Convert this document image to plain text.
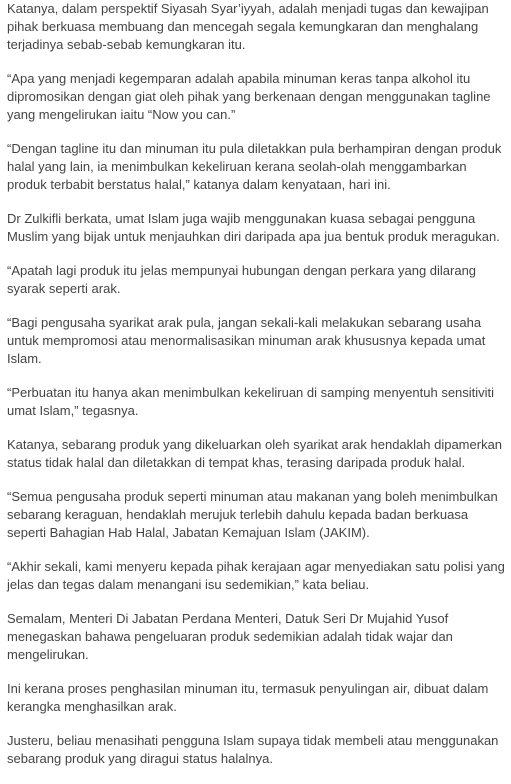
Katanya, dalam perspektif Siyasah Syar’iyyah, adalah menjadi tugas dan kewajipan pihak berkuasa membuang dan mencegah segala kemungkaran dan menghalang terjadinya sebab-sebab kemungkaran itu.

“Apa yang menjadi kegemparan adalah apabila minuman keras tanpa alkohol itu dipromosikan dengan giat oleh pihak yang berkenaan dengan menggunakan tagline yang mengelirukan iaitu “Now you can.”

“Dengan tagline itu dan minuman itu pula diletakkan pula berhampiran dengan produk halal yang lain, ia menimbulkan kekeliruan kerana seolah-olah menggambarkan produk terbabit berstatus halal,” katanya dalam kenyataan, hari ini.

Dr Zulkifli berkata, umat Islam juga wajib menggunakan kuasa sebagai pengguna Muslim yang bijak untuk menjauhkan diri daripada apa jua bentuk produk meragukan.

“Apatah lagi produk itu jelas mempunyai hubungan dengan perkara yang dilarang syarak seperti arak.

“Bagi pengusaha syarikat arak pula, jangan sekali-kali melakukan sebarang usaha untuk mempromosi atau menormalisasikan minuman arak khususnya kepada umat Islam.

“Perbuatan itu hanya akan menimbulkan kekeliruan di samping menyentuh sensitiviti umat Islam,” tegasnya.

Katanya, sebarang produk yang dikeluarkan oleh syarikat arak hendaklah dipamerkan status tidak halal dan diletakkan di tempat khas, terasing daripada produk halal.

“Semua pengusaha produk seperti minuman atau makanan yang boleh menimbulkan sebarang keraguan, hendaklah merujuk terlebih dahulu kepada badan berkuasa seperti Bahagian Hab Halal, Jabatan Kemajuan Islam (JAKIM).

“Akhir sekali, kami menyeru kepada pihak kerajaan agar menyediakan satu polisi yang jelas dan tegas dalam menangani isu sedemikian,” kata beliau.

Semalam, Menteri Di Jabatan Perdana Menteri, Datuk Seri Dr Mujahid Yusof menegaskan bahawa pengeluaran produk sedemikian adalah tidak wajar dan mengelirukan.

Ini kerana proses penghasilan minuman itu, termasuk penyulingan air, dibuat dalam kerangka menghasilkan arak.

Justeru, beliau menasihati pengguna Islam supaya tidak membeli atau menggunakan sebarang produk yang diragui status halalnya.
